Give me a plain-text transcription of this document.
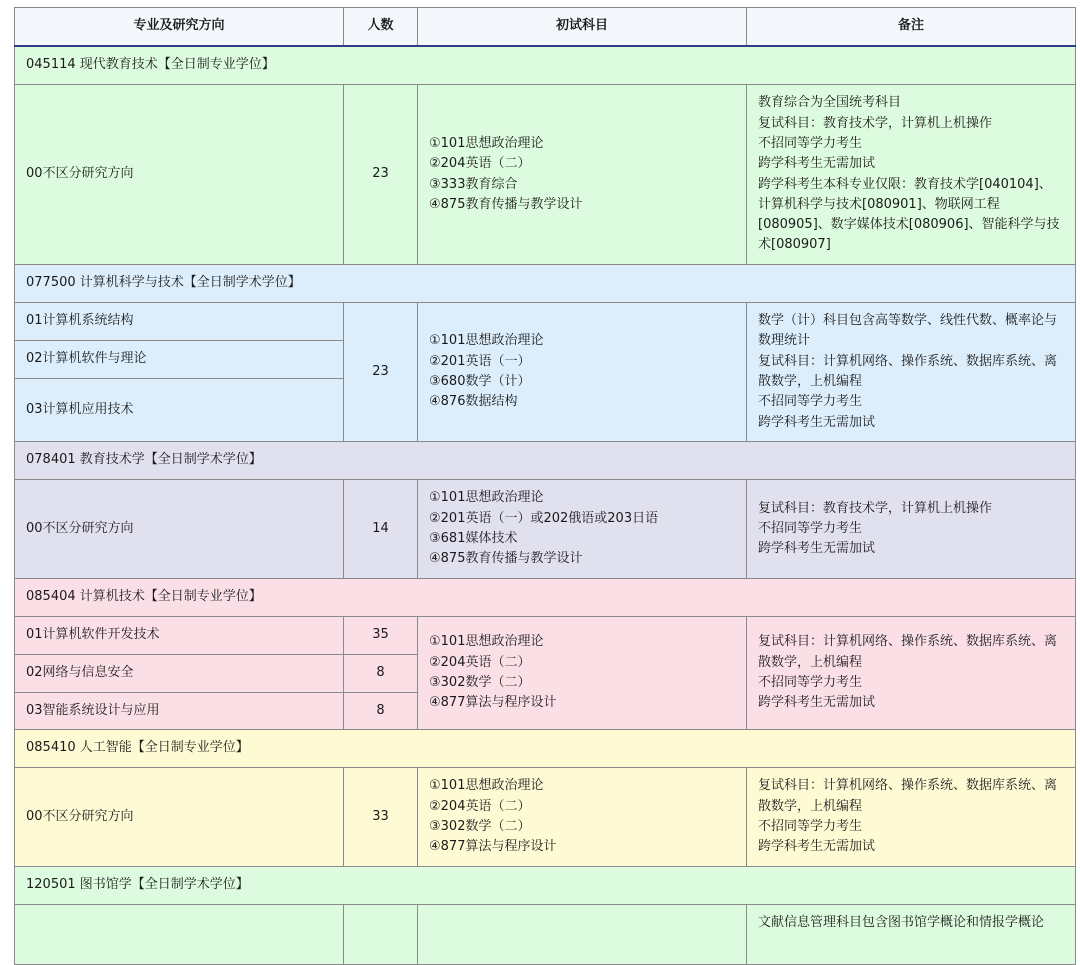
专业及研究方向	人数	初试科目	备注
045114 现代教育技术【全日制专业学位】			
00不区分研究方向	23	①101思想政治理论
②204英语（二）
③333教育综合
④875教育传播与教学设计	教育综合为全国统考科目
复试科目：教育技术学，计算机上机操作
不招同等学力考生
跨学科考生无需加试
跨学科考生本科专业仅限：教育技术学[040104]、计算机科学与技术[080901]、物联网工程[080905]、数字媒体技术[080906]、智能科学与技术[080907]

077500 计算机科学与技术【全日制学术学位】			
01计算机系统结构	23	①101思想政治理论
②201英语（一）
③680数学（计）
④876数据结构	数学（计）科目包含高等数学、线性代数、概率论与数理统计
复试科目：计算机网络、操作系统、数据库系统、离散数学，上机编程
不招同等学力考生
跨学科考生无需加试

02计算机软件与理论			
03计算机应用技术			
078401 教育技术学【全日制学术学位】			
00不区分研究方向	14	①101思想政治理论
②201英语（一）或202俄语或203日语
③681媒体技术
④875教育传播与教学设计	复试科目：教育技术学，计算机上机操作
不招同等学力考生
跨学科考生无需加试

085404 计算机技术【全日制专业学位】			
01计算机软件开发技术	35	①101思想政治理论
②204英语（二）
③302数学（二）
④877算法与程序设计	复试科目：计算机网络、操作系统、数据库系统、离散数学，上机编程
不招同等学力考生
跨学科考生无需加试

02网络与信息安全	8		
03智能系统设计与应用	8		
085410 人工智能【全日制专业学位】			
00不区分研究方向	33	①101思想政治理论
②204英语（二）
③302数学（二）
④877算法与程序设计	复试科目：计算机网络、操作系统、数据库系统、离散数学，上机编程
不招同等学力考生
跨学科考生无需加试

120501 图书馆学【全日制学术学位】			

			文献信息管理科目包含图书馆学概论和情报学概论
